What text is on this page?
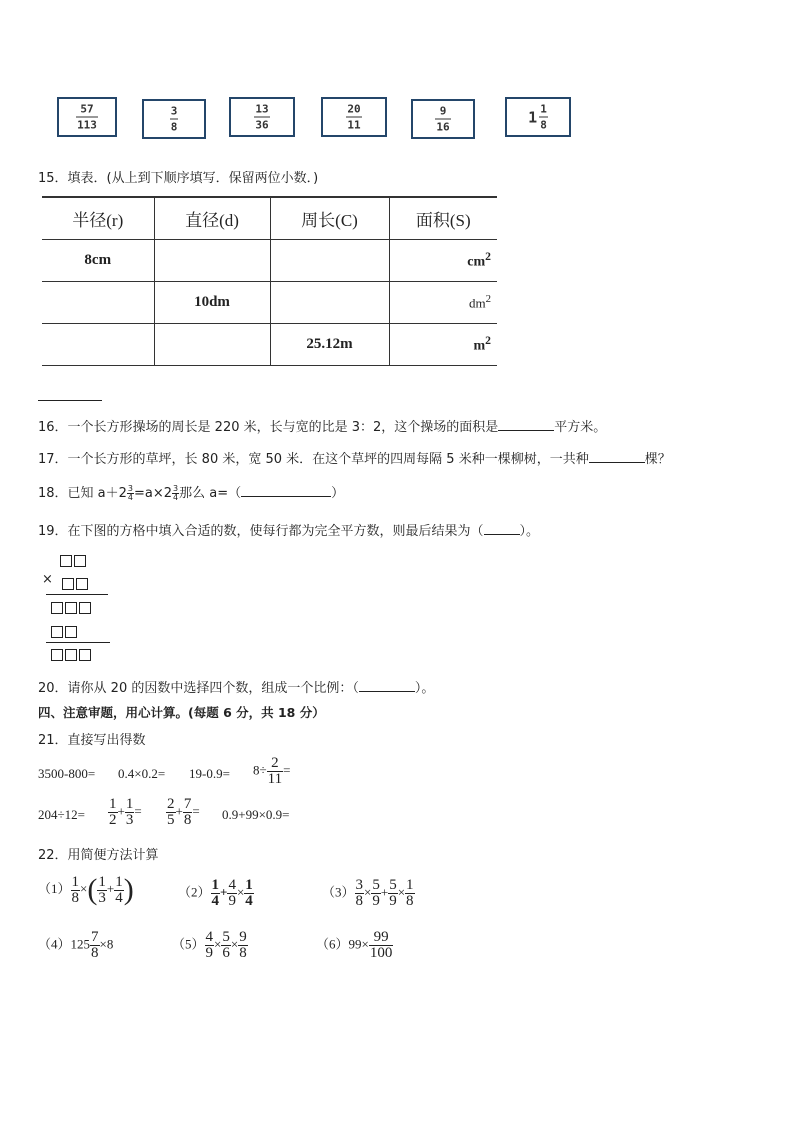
$\frac{57}{113}$	$\frac{3}{8}$	$\frac{13}{36}$	$\frac{20}{11}$	$\frac{9}{16}$	$1 \frac{1}{8}$
15．填表．(从上到下顺序填写．保留两位小数．)
半径(r)	直径(d)	周长(C)	面积(S)
8cm			$cm^2$
	10dm		$dm^2$
		25.12m	$m^2$
16．一个长方形操场的周长是 220 米，长与宽的比是 3：2，这个操场的面积是	平方米。
17．一个长方形的草坪，长 80 米，宽 50 米．在这个草坪的四周每隔 5 米种一棵柳树，一共种	棵？
18．已知 $a+2 \frac{3}{4} =a\times 2 \frac{3}{4}$ 那么 a=（	）
19．在下图的方格中填入合适的数，使每行都为完全平方数，则最后结果为（	）。
×
20．请你从 20 的因数中选择四个数，组成一个比例：（	）。
四、注意审题，用心计算。(每题 6 分，共 18 分）
21．直接写出得数
$3500-800= 0.4\times 0.2= 19-0.9= 8\div \frac{2}{11}$ =
$204\div 12= \frac{1}{2} + \frac{1}{3} = \frac{2}{5} + \frac{7}{8} = 0.9+99\times 0.9=$
22．用简便方法计算
$(1) \frac{1}{8}$ ×( $\frac{1}{3} + \frac{1}{4}$ )	$(2) \frac{1}{4} + \frac{4}{9} \times \frac{1}{4}$	$(3) \frac{3}{8} \times \frac{5}{9} + \frac{5}{9} \times \frac{1}{8}$
$(4)125 \frac{7}{8} \times 8$	$(5) \frac{4}{9} \times \frac{5}{6} \times \frac{9}{8}$	$(6)99\times \frac{99}{100}$
